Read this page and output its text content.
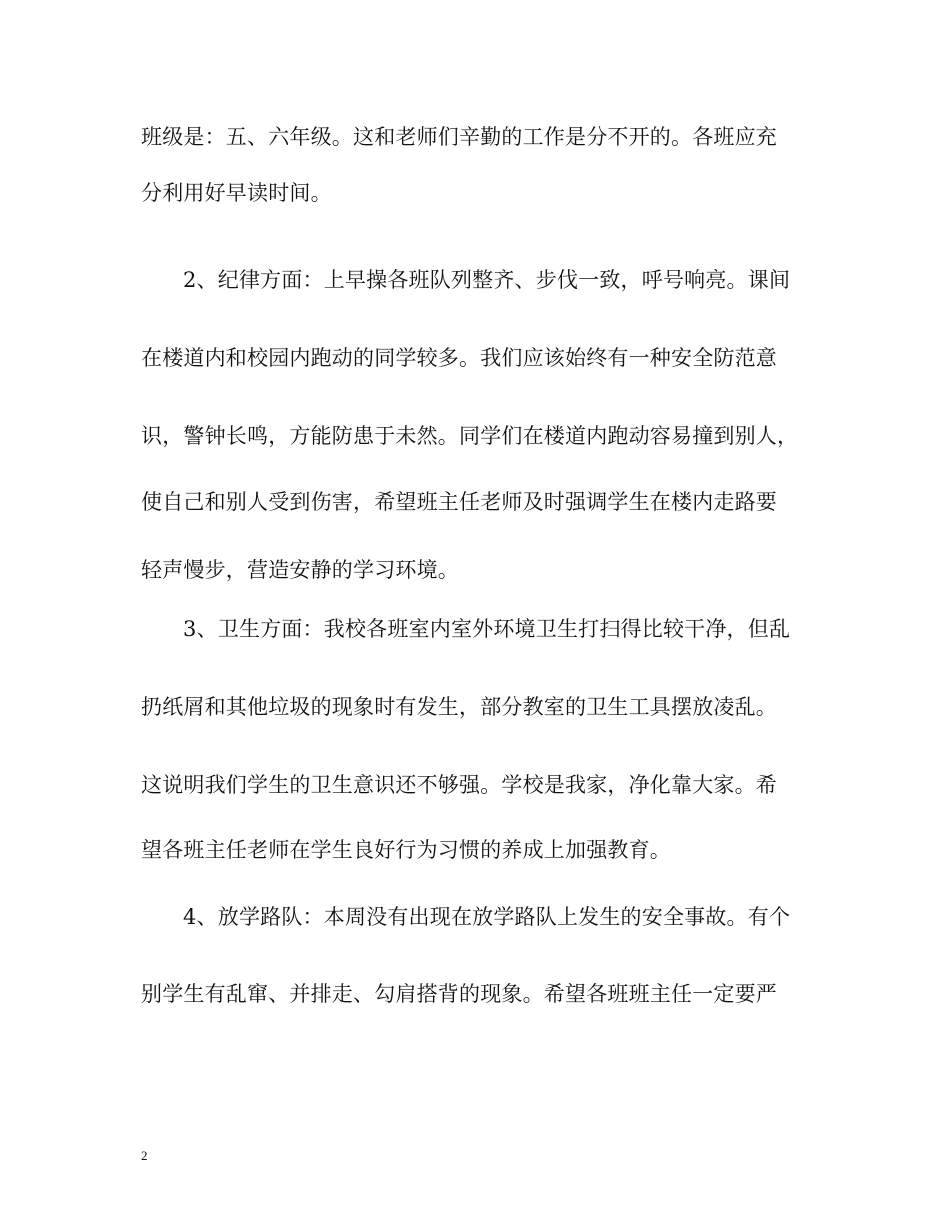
班级是：五、六年级。这和老师们辛勤的工作是分不开的。各班应充
分利用好早读时间。
2、纪律方面：上早操各班队列整齐、步伐一致，呼号响亮。课间
在楼道内和校园内跑动的同学较多。我们应该始终有一种安全防范意
识，警钟长鸣，方能防患于未然。同学们在楼道内跑动容易撞到别人，
使自己和别人受到伤害，希望班主任老师及时强调学生在楼内走路要
轻声慢步，营造安静的学习环境。
3、卫生方面：我校各班室内室外环境卫生打扫得比较干净，但乱
扔纸屑和其他垃圾的现象时有发生，部分教室的卫生工具摆放凌乱。
这说明我们学生的卫生意识还不够强。学校是我家，净化靠大家。希
望各班主任老师在学生良好行为习惯的养成上加强教育。
4、放学路队：本周没有出现在放学路队上发生的安全事故。有个
别学生有乱窜、并排走、勾肩搭背的现象。希望各班班主任一定要严
2
